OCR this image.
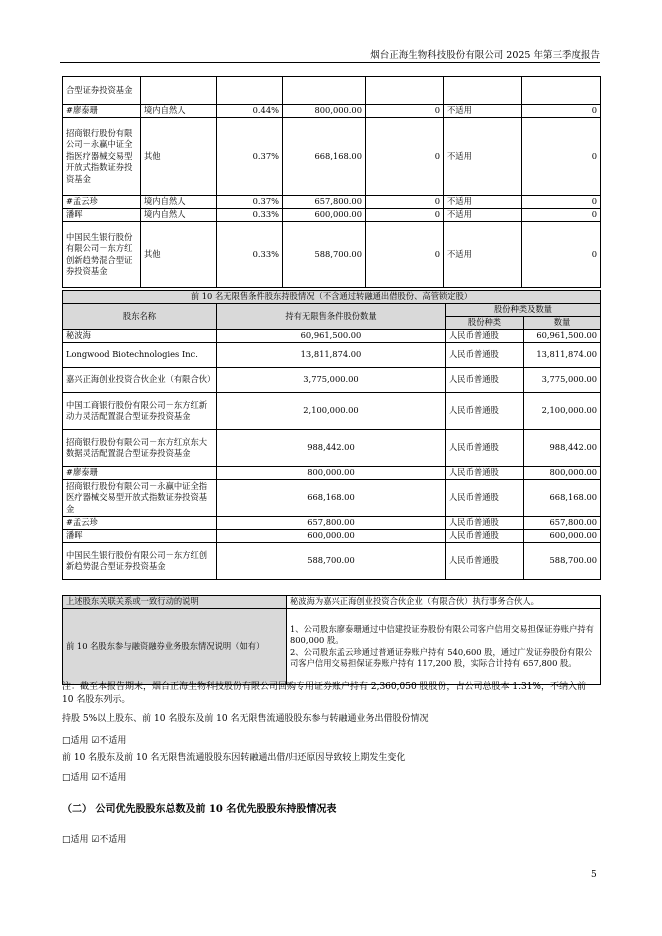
烟台正海生物科技股份有限公司 2025 年第三季度报告
合型证券投资基金						
#廖泰珊	境内自然人	0.44%	800,000.00	0	不适用	0
招商银行股份有限公司－永赢中证全指医疗器械交易型开放式指数证券投资基金	其他	0.37%	668,168.00	0	不适用	0
#孟云珍	境内自然人	0.37%	657,800.00	0	不适用	0
潘晖	境内自然人	0.33%	600,000.00	0	不适用	0
中国民生银行股份有限公司－东方红创新趋势混合型证券投资基金	其他	0.33%	588,700.00	0	不适用	0
前 10 名无限售条件股东持股情况（不含通过转融通出借股份、高管锁定股）			
股东名称	持有无限售条件股份数量	股份种类及数量	
		股份种类	数量
秘波海	60,961,500.00	人民币普通股	60,961,500.00
Longwood Biotechnologies Inc.	13,811,874.00	人民币普通股	13,811,874.00
嘉兴正海创业投资合伙企业（有限合伙）	3,775,000.00	人民币普通股	3,775,000.00
中国工商银行股份有限公司－东方红新动力灵活配置混合型证券投资基金	2,100,000.00	人民币普通股	2,100,000.00
招商银行股份有限公司－东方红京东大数据灵活配置混合型证券投资基金	988,442.00	人民币普通股	988,442.00
#廖泰珊	800,000.00	人民币普通股	800,000.00
招商银行股份有限公司－永赢中证全指医疗器械交易型开放式指数证券投资基金	668,168.00	人民币普通股	668,168.00
#孟云珍	657,800.00	人民币普通股	657,800.00
潘晖	600,000.00	人民币普通股	600,000.00
中国民生银行股份有限公司－东方红创新趋势混合型证券投资基金	588,700.00	人民币普通股	588,700.00
上述股东关联关系或一致行动的说明	秘波海为嘉兴正海创业投资合伙企业（有限合伙）执行事务合伙人。
前 10 名股东参与融资融券业务股东情况说明（如有）	1、公司股东廖泰珊通过中信建投证券股份有限公司客户信用交易担保证券账户持有 800,000 股。
2、公司股东孟云珍通过普通证券账户持有 540,600 股，通过广发证券股份有限公司客户信用交易担保证券账户持有 117,200 股，实际合计持有 657,800 股。
注：截至本报告期末，烟台正海生物科技股份有限公司回购专用证券账户持有 2,360,050 股股份，占公司总股本 1.31%，不纳入前 10 名股东列示。
持股 5%以上股东、前 10 名股东及前 10 名无限售流通股股东参与转融通业务出借股份情况
□适用 ☑不适用
前 10 名股东及前 10 名无限售流通股股东因转融通出借/归还原因导致较上期发生变化
□适用 ☑不适用
（二） 公司优先股股东总数及前 10 名优先股股东持股情况表
□适用 ☑不适用
5
